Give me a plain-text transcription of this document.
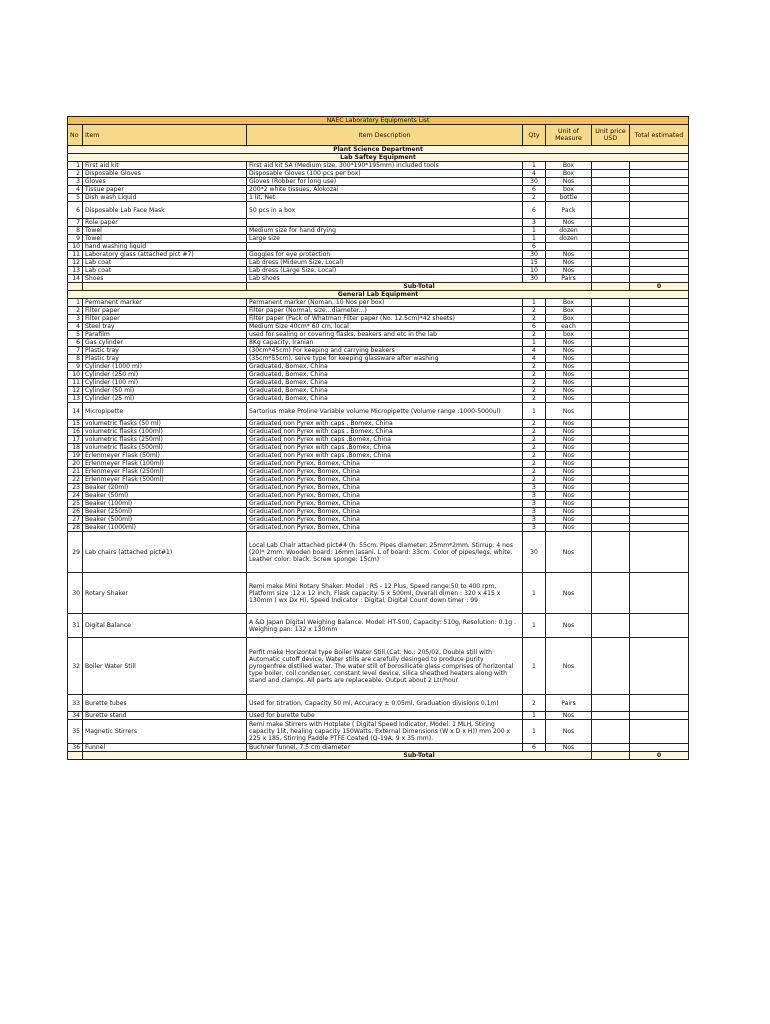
NAEC Laboratory Equipments List						
No	Item	Item Description	Qty	Unit of Measure	Unit price USD	Total estimated
Plant Science Department						
Lab Saftey Equipment						
1	First aid kit	First aid kit SA (Medium size, 300*190*195mm) included tools	1	Box		
2	Disposable Gloves	Disposable Gloves (100 pcs per box)	4	Box		
3	Gloves	Gloves (Robber for long use)	30	Nos		
4	Tissue paper	200*2 white tissues, Alokozai	6	box		
5	Dish wash Liquid	1 lit, Net	2	bottle		
6	Disposable Lab Face Mask	50 pcs in a box	6	Pack		
7	Role paper		3	Nos		
8	Towel	Medium size for hand drying	1	dozen		
9	Towel	Large size	1	dozen		
10	hand washing liquid		6			
11	Laboratory glass (attached pict #7)	Goggles for eye protection	30	Nos		
12	Lab coat	Lab dress (Mideum Size, Local)	15	Nos		
13	Lab coat	Lab dress (Large Size, Local)	10	Nos		
14	Shoes	Lab shoes	30	Pairs		
		Sub-Total				0
General Lab Equipment						
1	Permanent marker	Permanent marker (Noman, 10 Nos per box)	1	Box		
2	Filter paper	Filter paper (Normal, size...diameter...)	2	Box		
3	Filter paper	Filter paper (Pack of Whatman Filter paper (No. 12.5cm)*42 sheets)	2	Box		
4	Steel tray	Medium Size 40cm* 60 cm, local	6	each		
5	Parafilm	used for sealing or covering flasks, beakers and etc in the lab	2	box		
6	Gas cylinder	8Kg capacity, Iranian	1	Nos		
7	Plastic tray	(30cm*45cm) For keeping and carrying beakers	4	Nos		
8	Plastic tray	(35cm*55cm), seive type for keeping glassware after washing	4	Nos		
9	Cylinder (1000 ml)	Graduated, Bomex, China	2	Nos		
10	Cylinder (250 ml)	Graduated, Bomex, China	2	Nos		
11	Cylinder (100 ml)	Graduated, Bomex, China	2	Nos		
12	Cylinder (50 ml)	Graduated, Bomex, China	2	Nos		
13	Cylinder (25 ml)	Graduated, Bomex, China	2	Nos		
14	Micropipette	Sartorius make Proline Variable volume Micropipette (Volume range :1000-5000ul)	1	Nos		
15	volumetric flasks (50 ml)	Graduated non Pyrex with caps , Bomex, China	2	Nos		
16	volumetric flasks (100ml)	Graduated non Pyrex with caps , Bomex, China	2	Nos		
17	volumetric flasks (250ml)	Graduated non Pyrex with caps ,Bomex, China	2	Nos		
18	volumetric flasks (500ml)	Graduated non Pyrex with caps ,Bomex, China	2	Nos		
19	Erlenmeyer Flask (50ml)	Graduated non Pyrex with caps ,Bomex, China	2	Nos		
20	Erlenmeyer Flask (100ml)	Graduated,non Pyrex, Bomex, China	2	Nos		
21	Erlenmeyer Flask (250ml)	Graduated,non Pyrex, Bomex, China	2	Nos		
22	Erlenmeyer Flask (500ml)	Graduated,non Pyrex, Bomex, China	2	Nos		
23	Beaker (20ml)	Graduated,non Pyrex, Bomex, China	3	Nos		
24	Beaker (50ml)	Graduated,non Pyrex, Bomex, China	3	Nos		
25	Beaker (100ml)	Graduated,non Pyrex, Bomex, China	3	Nos		
26	Beaker (250ml)	Graduated,non Pyrex, Bomex, China	3	Nos		
27	Beaker (500ml)	Graduated,non Pyrex, Bomex, China	3	Nos		
28	Beaker (1000ml)	Graduated,non Pyrex, Bomex, China	3	Nos		
29	Lab chairs (attached pict#1)	Local Lab Chair attached pict#4 (h: 55cm. Pipes diameter: 25mm*2mm. Stirrup: 4 nos (20)* 2mm. Wooden board: 16mm lasani. L of board: 33cm. Color of pipes/legs: white. Leather color: black. Screw sponge: 15cm)	30	Nos		
30	Rotary Shaker	Remi make Mini Rotary Shaker. Model : RS - 12 Plus, Speed range:50 to 400 rpm, Platform size :12 x 12 inch, Flask capacity: 5 x 500ml, Overall dimen : 320 x 415 x 130mm ( wx Dx H), Speed Indicator : Digital, Digital Count down timer : 99	1	Nos		
31	Digital Balance	A &D Japan Digital Weighing Balance. Model: HT-500, Capacity: 510g, Resolution: 0.1g . Weighing pan: 132 x 130mm	1	Nos		
32	Boiler Water Still	Perfit make Horizontal type Boiler Water Still (Cat. No.: 205/02, Double still with Automatic cutoff device, Water stills are carefully desinged to produce purity pyrogenfree distilled water. The water still of borosilicate glass comprises of horizontal type boiler, coil condenser, constant level device, silica sheathed heaters along with stand and clamps. All parts are replaceable. Output about 2 Ltr/hour	1	Nos		
33	Burette tubes	Used for titration, Capacity 50 ml, Accuracy ± 0.05ml, Graduation divisions 0.1ml	2	Pairs		
34	Burette stand	Used for burette tube	1	Nos		
35	Magnetic Stirrers	Remi make Stirrers with Hotplate ( Digital Speed Indicator, Model: 1 MLH, Stiring capacity 1lit, healing capacity 150Watts, External Dimensions (W x D x H)) mm 200 x 225 x 185, Stirring Paddle PTFE Coated (Q-19A, 9 x 35 mm).	1	Nos		
36	Funnel	Buchner funnel, 7.5 cm diameter	6	Nos		
		Sub-Total				0
